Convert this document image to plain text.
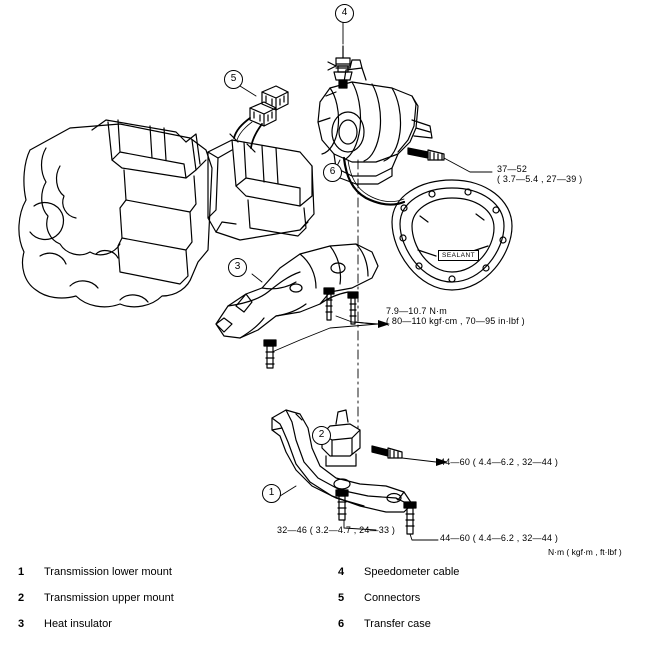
4
5
6
3
2
1
SEALANT
37—52
( 3.7—5.4 , 27—39 )
7.9—10.7 N·m
( 80—110 kgf·cm , 70—95 in·lbf )
44—60 ( 4.4—6.2 , 32—44 )
32—46 ( 3.2—4.7 , 24—33 )
44—60 ( 4.4—6.2 , 32—44 )
N·m ( kgf·m , ft·lbf )
1	Transmission lower mount
2	Transmission upper mount
3	Heat insulator
4	Speedometer cable
5	Connectors
6	Transfer case
